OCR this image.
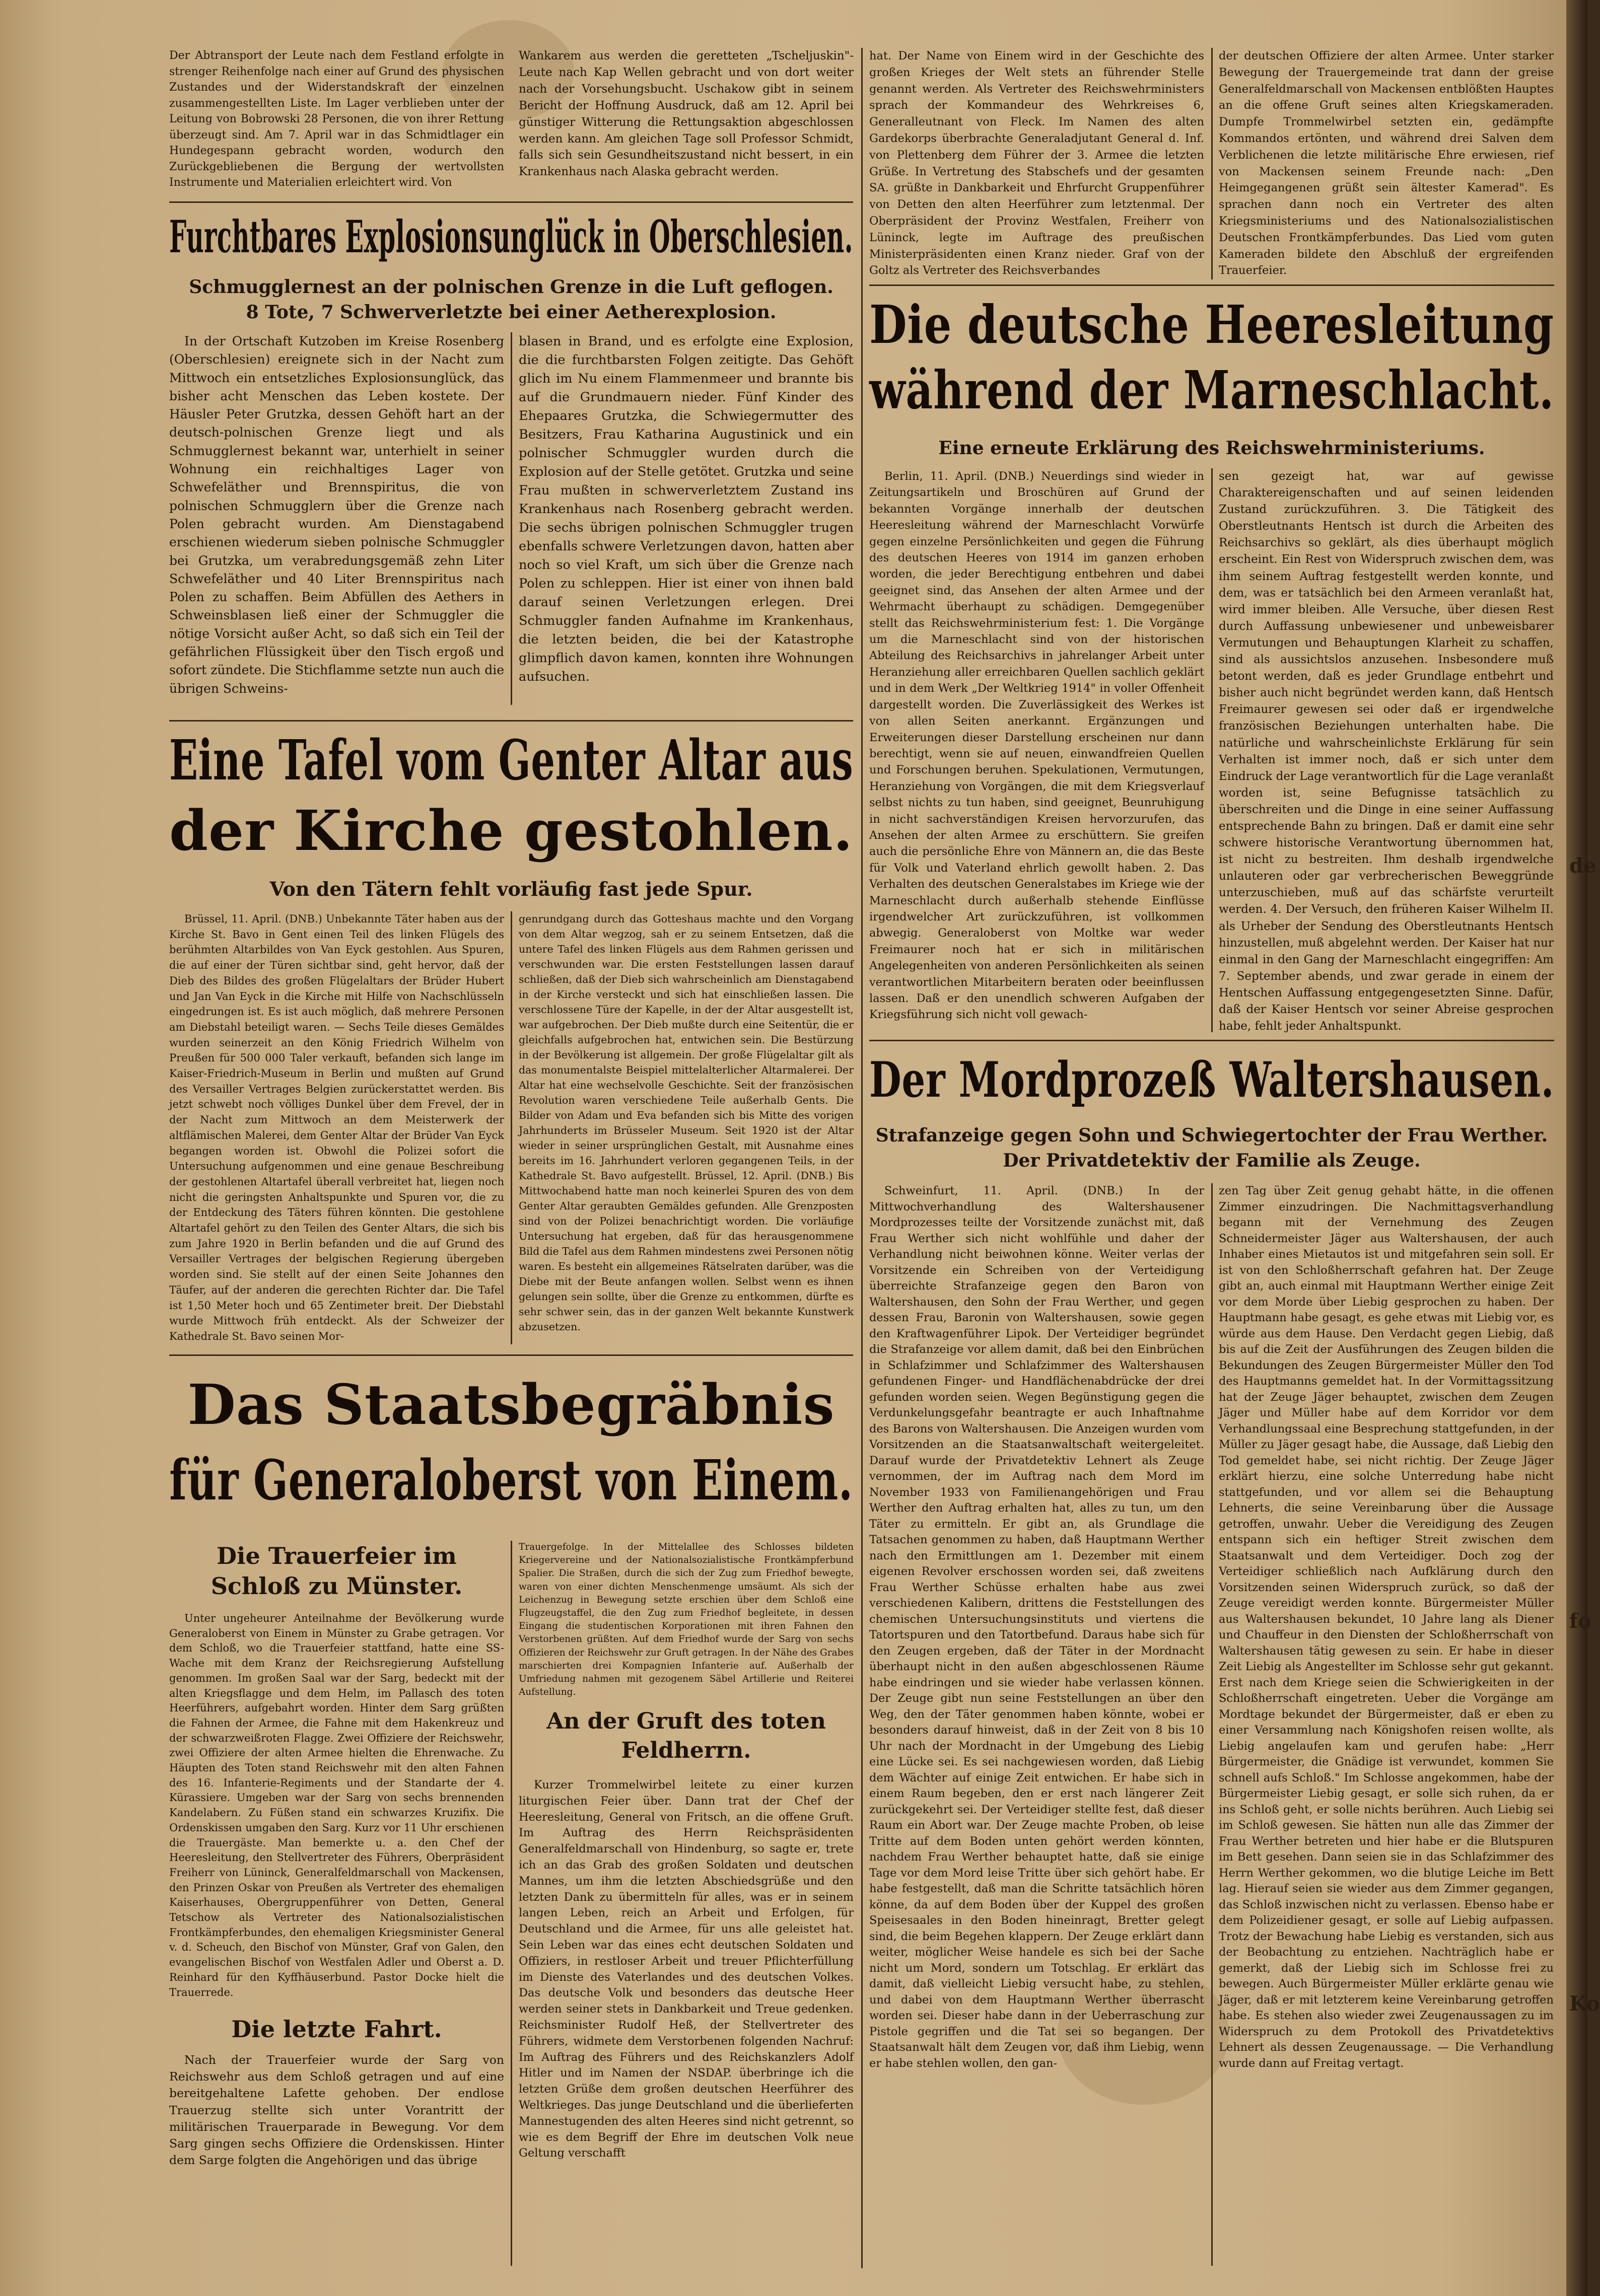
Der Abtransport der Leute nach dem Festland erfolgte in strenger Reihenfolge nach einer auf Grund des physischen Zustandes und der Widerstandskraft der einzelnen zusammengestellten Liste. Im Lager verblieben unter der Leitung von Bobrowski 28 Personen, die von ihrer Rettung überzeugt sind. Am 7. April war in das Schmidtlager ein Hundegespann gebracht worden, wodurch den Zurückgebliebenen die Bergung der wertvollsten Instrumente und Materialien erleichtert wird. Von

Wankarem aus werden die geretteten „Tscheljuskin"-Leute nach Kap Wellen gebracht und von dort weiter nach der Vorsehungsbucht. Uschakow gibt in seinem Bericht der Hoffnung Ausdruck, daß am 12. April bei günstiger Witterung die Rettungsaktion abgeschlossen werden kann. Am gleichen Tage soll Professor Schmidt, falls sich sein Gesundheitszustand nicht bessert, in ein Krankenhaus nach Alaska gebracht werden.

Furchtbares Explosionsunglück in Oberschlesien.
Schmugglernest an der polnischen Grenze in die Luft geflogen.
8 Tote, 7 Schwerverletzte bei einer Aetherexplosion.

In der Ortschaft Kutzoben im Kreise Rosenberg (Oberschlesien) ereignete sich in der Nacht zum Mittwoch ein entsetzliches Explosionsunglück, das bisher acht Menschen das Leben kostete. Der Häusler Peter Grutzka, dessen Gehöft hart an der deutsch-polnischen Grenze liegt und als Schmugglernest bekannt war, unterhielt in seiner Wohnung ein reichhaltiges Lager von Schwefeläther und Brennspiritus, die von polnischen Schmugglern über die Grenze nach Polen gebracht wurden. Am Dienstagabend erschienen wiederum sieben polnische Schmuggler bei Grutzka, um verabredungsgemäß zehn Liter Schwefeläther und 40 Liter Brennspiritus nach Polen zu schaffen. Beim Abfüllen des Aethers in Schweinsblasen ließ einer der Schmuggler die nötige Vorsicht außer Acht, so daß sich ein Teil der gefährlichen Flüssigkeit über den Tisch ergoß und sofort zündete. Die Stichflamme setzte nun auch die übrigen Schweins-

blasen in Brand, und es erfolgte eine Explosion, die die furchtbarsten Folgen zeitigte. Das Gehöft glich im Nu einem Flammenmeer und brannte bis auf die Grundmauern nieder. Fünf Kinder des Ehepaares Grutzka, die Schwiegermutter des Besitzers, Frau Katharina Augustinick und ein polnischer Schmuggler wurden durch die Explosion auf der Stelle getötet. Grutzka und seine Frau mußten in schwerverletztem Zustand ins Krankenhaus nach Rosenberg gebracht werden. Die sechs übrigen polnischen Schmuggler trugen ebenfalls schwere Verletzungen davon, hatten aber noch so viel Kraft, um sich über die Grenze nach Polen zu schleppen. Hier ist einer von ihnen bald darauf seinen Verletzungen erlegen. Drei Schmuggler fanden Aufnahme im Krankenhaus, die letzten beiden, die bei der Katastrophe glimpflich davon kamen, konnten ihre Wohnungen aufsuchen.

Eine Tafel vom Genter Altar aus
der Kirche gestohlen.
Von den Tätern fehlt vorläufig fast jede Spur.

Brüssel, 11. April. (DNB.) Unbekannte Täter haben aus der Kirche St. Bavo in Gent einen Teil des linken Flügels des berühmten Altarbildes von Van Eyck gestohlen. Aus Spuren, die auf einer der Türen sichtbar sind, geht hervor, daß der Dieb des Bildes des großen Flügelaltars der Brüder Hubert und Jan Van Eyck in die Kirche mit Hilfe von Nachschlüsseln eingedrungen ist. Es ist auch möglich, daß mehrere Personen am Diebstahl beteiligt waren. — Sechs Teile dieses Gemäldes wurden seinerzeit an den König Friedrich Wilhelm von Preußen für 500 000 Taler verkauft, befanden sich lange im Kaiser-Friedrich-Museum in Berlin und mußten auf Grund des Versailler Vertrages Belgien zurückerstattet werden. Bis jetzt schwebt noch völliges Dunkel über dem Frevel, der in der Nacht zum Mittwoch an dem Meisterwerk der altflämischen Malerei, dem Genter Altar der Brüder Van Eyck begangen worden ist. Obwohl die Polizei sofort die Untersuchung aufgenommen und eine genaue Beschreibung der gestohlenen Altartafel überall verbreitet hat, liegen noch nicht die geringsten Anhaltspunkte und Spuren vor, die zu der Entdeckung des Täters führen könnten. Die gestohlene Altartafel gehört zu den Teilen des Genter Altars, die sich bis zum Jahre 1920 in Berlin befanden und die auf Grund des Versailler Vertrages der belgischen Regierung übergeben worden sind. Sie stellt auf der einen Seite Johannes den Täufer, auf der anderen die gerechten Richter dar. Die Tafel ist 1,50 Meter hoch und 65 Zentimeter breit. Der Diebstahl wurde Mittwoch früh entdeckt. Als der Schweizer der Kathedrale St. Bavo seinen Mor-

genrundgang durch das Gotteshaus machte und den Vorgang von dem Altar wegzog, sah er zu seinem Entsetzen, daß die untere Tafel des linken Flügels aus dem Rahmen gerissen und verschwunden war. Die ersten Feststellungen lassen darauf schließen, daß der Dieb sich wahrscheinlich am Dienstagabend in der Kirche versteckt und sich hat einschließen lassen. Die verschlossene Türe der Kapelle, in der der Altar ausgestellt ist, war aufgebrochen. Der Dieb mußte durch eine Seitentür, die er gleichfalls aufgebrochen hat, entwichen sein. Die Bestürzung in der Bevölkerung ist allgemein. Der große Flügelaltar gilt als das monumentalste Beispiel mittelalterlicher Altarmalerei. Der Altar hat eine wechselvolle Geschichte. Seit der französischen Revolution waren verschiedene Teile außerhalb Gents. Die Bilder von Adam und Eva befanden sich bis Mitte des vorigen Jahrhunderts im Brüsseler Museum. Seit 1920 ist der Altar wieder in seiner ursprünglichen Gestalt, mit Ausnahme eines bereits im 16. Jahrhundert verloren gegangenen Teils, in der Kathedrale St. Bavo aufgestellt. Brüssel, 12. April. (DNB.) Bis Mittwochabend hatte man noch keinerlei Spuren des von dem Genter Altar geraubten Gemäldes gefunden. Alle Grenzposten sind von der Polizei benachrichtigt worden. Die vorläufige Untersuchung hat ergeben, daß für das herausgenommene Bild die Tafel aus dem Rahmen mindestens zwei Personen nötig waren. Es besteht ein allgemeines Rätselraten darüber, was die Diebe mit der Beute anfangen wollen. Selbst wenn es ihnen gelungen sein sollte, über die Grenze zu entkommen, dürfte es sehr schwer sein, das in der ganzen Welt bekannte Kunstwerk abzusetzen.

Das Staatsbegräbnis
für Generaloberst von Einem.
Die Trauerfeier im Schloß zu Münster.

Unter ungeheurer Anteilnahme der Bevölkerung wurde Generaloberst von Einem in Münster zu Grabe getragen. Vor dem Schloß, wo die Trauerfeier stattfand, hatte eine SS-Wache mit dem Kranz der Reichsregierung Aufstellung genommen. Im großen Saal war der Sarg, bedeckt mit der alten Kriegsflagge und dem Helm, im Pallasch des toten Heerführers, aufgebahrt worden. Hinter dem Sarg grüßten die Fahnen der Armee, die Fahne mit dem Hakenkreuz und der schwarzweißroten Flagge. Zwei Offiziere der Reichswehr, zwei Offiziere der alten Armee hielten die Ehrenwache. Zu Häupten des Toten stand Reichswehr mit den alten Fahnen des 16. Infanterie-Regiments und der Standarte der 4. Kürassiere. Umgeben war der Sarg von sechs brennenden Kandelabern. Zu Füßen stand ein schwarzes Kruzifix. Die Ordenskissen umgaben den Sarg. Kurz vor 11 Uhr erschienen die Trauergäste. Man bemerkte u. a. den Chef der Heeresleitung, den Stellvertreter des Führers, Oberpräsident Freiherr von Lüninck, Generalfeldmarschall von Mackensen, den Prinzen Oskar von Preußen als Vertreter des ehemaligen Kaiserhauses, Obergruppenführer von Detten, General Tetschow als Vertreter des Nationalsozialistischen Frontkämpferbundes, den ehemaligen Kriegsminister General v. d. Scheuch, den Bischof von Münster, Graf von Galen, den evangelischen Bischof von Westfalen Adler und Oberst a. D. Reinhard für den Kyffhäuserbund. Pastor Docke hielt die Trauerrede.

Die letzte Fahrt.

Nach der Trauerfeier wurde der Sarg von Reichswehr aus dem Schloß getragen und auf eine bereitgehaltene Lafette gehoben. Der endlose Trauerzug stellte sich unter Vorantritt der militärischen Trauerparade in Bewegung. Vor dem Sarg gingen sechs Offiziere die Ordenskissen. Hinter dem Sarge folgten die Angehörigen und das übrige

Trauergefolge. In der Mittelallee des Schlosses bildeten Kriegervereine und der Nationalsozialistische Frontkämpferbund Spalier. Die Straßen, durch die sich der Zug zum Friedhof bewegte, waren von einer dichten Menschenmenge umsäumt. Als sich der Leichenzug in Bewegung setzte erschien über dem Schloß eine Flugzeugstaffel, die den Zug zum Friedhof begleitete, in dessen Eingang die studentischen Korporationen mit ihren Fahnen den Verstorbenen grüßten. Auf dem Friedhof wurde der Sarg von sechs Offizieren der Reichswehr zur Gruft getragen. In der Nähe des Grabes marschierten drei Kompagnien Infanterie auf. Außerhalb der Umfriedung nahmen mit gezogenem Säbel Artillerie und Reiterei Aufstellung.

An der Gruft des toten Feldherrn.

Kurzer Trommelwirbel leitete zu einer kurzen liturgischen Feier über. Dann trat der Chef der Heeresleitung, General von Fritsch, an die offene Gruft. Im Auftrag des Herrn Reichspräsidenten Generalfeldmarschall von Hindenburg, so sagte er, trete ich an das Grab des großen Soldaten und deutschen Mannes, um ihm die letzten Abschiedsgrüße und den letzten Dank zu übermitteln für alles, was er in seinem langen Leben, reich an Arbeit und Erfolgen, für Deutschland und die Armee, für uns alle geleistet hat. Sein Leben war das eines echt deutschen Soldaten und Offiziers, in restloser Arbeit und treuer Pflichterfüllung im Dienste des Vaterlandes und des deutschen Volkes. Das deutsche Volk und besonders das deutsche Heer werden seiner stets in Dankbarkeit und Treue gedenken. Reichsminister Rudolf Heß, der Stellvertreter des Führers, widmete dem Verstorbenen folgenden Nachruf: Im Auftrag des Führers und des Reichskanzlers Adolf Hitler und im Namen der NSDAP. überbringe ich die letzten Grüße dem großen deutschen Heerführer des Weltkrieges. Das junge Deutschland und die überlieferten Mannestugenden des alten Heeres sind nicht getrennt, so wie es dem Begriff der Ehre im deutschen Volk neue Geltung verschafft

hat. Der Name von Einem wird in der Geschichte des großen Krieges der Welt stets an führender Stelle genannt werden. Als Vertreter des Reichswehrministers sprach der Kommandeur des Wehrkreises 6, Generalleutnant von Fleck. Im Namen des alten Gardekorps überbrachte Generaladjutant General d. Inf. von Plettenberg dem Führer der 3. Armee die letzten Grüße. In Vertretung des Stabschefs und der gesamten SA. grüßte in Dankbarkeit und Ehrfurcht Gruppenführer von Detten den alten Heerführer zum letztenmal. Der Oberpräsident der Provinz Westfalen, Freiherr von Lüninck, legte im Auftrage des preußischen Ministerpräsidenten einen Kranz nieder. Graf von der Goltz als Vertreter des Reichsverbandes

der deutschen Offiziere der alten Armee. Unter starker Bewegung der Trauergemeinde trat dann der greise Generalfeldmarschall von Mackensen entblößten Hauptes an die offene Gruft seines alten Kriegskameraden. Dumpfe Trommelwirbel setzten ein, gedämpfte Kommandos ertönten, und während drei Salven dem Verblichenen die letzte militärische Ehre erwiesen, rief von Mackensen seinem Freunde nach: „Den Heimgegangenen grüßt sein ältester Kamerad". Es sprachen dann noch ein Vertreter des alten Kriegsministeriums und des Nationalsozialistischen Deutschen Frontkämpferbundes. Das Lied vom guten Kameraden bildete den Abschluß der ergreifenden Trauerfeier.

Die deutsche Heeresleitung
während der Marneschlacht.
Eine erneute Erklärung des Reichswehrministeriums.

Berlin, 11. April. (DNB.) Neuerdings sind wieder in Zeitungsartikeln und Broschüren auf Grund der bekannten Vorgänge innerhalb der deutschen Heeresleitung während der Marneschlacht Vorwürfe gegen einzelne Persönlichkeiten und gegen die Führung des deutschen Heeres von 1914 im ganzen erhoben worden, die jeder Berechtigung entbehren und dabei geeignet sind, das Ansehen der alten Armee und der Wehrmacht überhaupt zu schädigen. Demgegenüber stellt das Reichswehrministerium fest: 1. Die Vorgänge um die Marneschlacht sind von der historischen Abteilung des Reichsarchivs in jahrelanger Arbeit unter Heranziehung aller erreichbaren Quellen sachlich geklärt und in dem Werk „Der Weltkrieg 1914" in voller Offenheit dargestellt worden. Die Zuverlässigkeit des Werkes ist von allen Seiten anerkannt. Ergänzungen und Erweiterungen dieser Darstellung erscheinen nur dann berechtigt, wenn sie auf neuen, einwandfreien Quellen und Forschungen beruhen. Spekulationen, Vermutungen, Heranziehung von Vorgängen, die mit dem Kriegsverlauf selbst nichts zu tun haben, sind geeignet, Beunruhigung in nicht sachverständigen Kreisen hervorzurufen, das Ansehen der alten Armee zu erschüttern. Sie greifen auch die persönliche Ehre von Männern an, die das Beste für Volk und Vaterland ehrlich gewollt haben. 2. Das Verhalten des deutschen Generalstabes im Kriege wie der Marneschlacht durch außerhalb stehende Einflüsse irgendwelcher Art zurückzuführen, ist vollkommen abwegig. Generaloberst von Moltke war weder Freimaurer noch hat er sich in militärischen Angelegenheiten von anderen Persönlichkeiten als seinen verantwortlichen Mitarbeitern beraten oder beeinflussen lassen. Daß er den unendlich schweren Aufgaben der Kriegsführung sich nicht voll gewach-

sen gezeigt hat, war auf gewisse Charaktereigenschaften und auf seinen leidenden Zustand zurückzuführen. 3. Die Tätigkeit des Oberstleutnants Hentsch ist durch die Arbeiten des Reichsarchivs so geklärt, als dies überhaupt möglich erscheint. Ein Rest von Widerspruch zwischen dem, was ihm seinem Auftrag festgestellt werden konnte, und dem, was er tatsächlich bei den Armeen veranlaßt hat, wird immer bleiben. Alle Versuche, über diesen Rest durch Auffassung unbewiesener und unbeweisbarer Vermutungen und Behauptungen Klarheit zu schaffen, sind als aussichtslos anzusehen. Insbesondere muß betont werden, daß es jeder Grundlage entbehrt und bisher auch nicht begründet werden kann, daß Hentsch Freimaurer gewesen sei oder daß er irgendwelche französischen Beziehungen unterhalten habe. Die natürliche und wahrscheinlichste Erklärung für sein Verhalten ist immer noch, daß er sich unter dem Eindruck der Lage verantwortlich für die Lage veranlaßt worden ist, seine Befugnisse tatsächlich zu überschreiten und die Dinge in eine seiner Auffassung entsprechende Bahn zu bringen. Daß er damit eine sehr schwere historische Verantwortung übernommen hat, ist nicht zu bestreiten. Ihm deshalb irgendwelche unlauteren oder gar verbrecherischen Beweggründe unterzuschieben, muß auf das schärfste verurteilt werden. 4. Der Versuch, den früheren Kaiser Wilhelm II. als Urheber der Sendung des Oberstleutnants Hentsch hinzustellen, muß abgelehnt werden. Der Kaiser hat nur einmal in den Gang der Marneschlacht eingegriffen: Am 7. September abends, und zwar gerade in einem der Hentschen Auffassung entgegengesetzten Sinne. Dafür, daß der Kaiser Hentsch vor seiner Abreise gesprochen habe, fehlt jeder Anhaltspunkt.

Der Mordprozeß Waltershausen.
Strafanzeige gegen Sohn und Schwiegertochter der Frau Werther.
Der Privatdetektiv der Familie als Zeuge.

Schweinfurt, 11. April. (DNB.) In der Mittwochverhandlung des Waltershausener Mordprozesses teilte der Vorsitzende zunächst mit, daß Frau Werther sich nicht wohlfühle und daher der Verhandlung nicht beiwohnen könne. Weiter verlas der Vorsitzende ein Schreiben von der Verteidigung überreichte Strafanzeige gegen den Baron von Waltershausen, den Sohn der Frau Werther, und gegen dessen Frau, Baronin von Waltershausen, sowie gegen den Kraftwagenführer Lipok. Der Verteidiger begründet die Strafanzeige vor allem damit, daß bei den Einbrüchen in Schlafzimmer und Schlafzimmer des Waltershausen gefundenen Finger- und Handflächenabdrücke der drei gefunden worden seien. Wegen Begünstigung gegen die Verdunkelungsgefahr beantragte er auch Inhaftnahme des Barons von Waltershausen. Die Anzeigen wurden vom Vorsitzenden an die Staatsanwaltschaft weitergeleitet. Darauf wurde der Privatdetektiv Lehnert als Zeuge vernommen, der im Auftrag nach dem Mord im November 1933 von Familienangehörigen und Frau Werther den Auftrag erhalten hat, alles zu tun, um den Täter zu ermitteln. Er gibt an, als Grundlage die Tatsachen genommen zu haben, daß Hauptmann Werther nach den Ermittlungen am 1. Dezember mit einem eigenen Revolver erschossen worden sei, daß zweitens Frau Werther Schüsse erhalten habe aus zwei verschiedenen Kalibern, drittens die Feststellungen des chemischen Untersuchungsinstituts und viertens die Tatortspuren und den Tatortbefund. Daraus habe sich für den Zeugen ergeben, daß der Täter in der Mordnacht überhaupt nicht in den außen abgeschlossenen Räume habe eindringen und sie wieder habe verlassen können. Der Zeuge gibt nun seine Feststellungen an über den Weg, den der Täter genommen haben könnte, wobei er besonders darauf hinweist, daß in der Zeit von 8 bis 10 Uhr nach der Mordnacht in der Umgebung des Liebig eine Lücke sei. Es sei nachgewiesen worden, daß Liebig dem Wächter auf einige Zeit entwichen. Er habe sich in einem Raum begeben, den er erst nach längerer Zeit zurückgekehrt sei. Der Verteidiger stellte fest, daß dieser Raum ein Abort war. Der Zeuge machte Proben, ob leise Tritte auf dem Boden unten gehört werden könnten, nachdem Frau Werther behauptet hatte, daß sie einige Tage vor dem Mord leise Tritte über sich gehört habe. Er habe festgestellt, daß man die Schritte tatsächlich hören könne, da auf dem Boden über der Kuppel des großen Speisesaales in den Boden hineinragt, Bretter gelegt sind, die beim Begehen klappern. Der Zeuge erklärt dann weiter, möglicher Weise handele es sich bei der Sache nicht um Mord, sondern um Totschlag. Er erklärt das damit, daß vielleicht Liebig versucht habe, zu stehlen, und dabei von dem Hauptmann Werther überrascht worden sei. Dieser habe dann in der Ueberraschung zur Pistole gegriffen und die Tat sei so begangen. Der Staatsanwalt hält dem Zeugen vor, daß ihm Liebig, wenn er habe stehlen wollen, den gan-

zen Tag über Zeit genug gehabt hätte, in die offenen Zimmer einzudringen. Die Nachmittagsverhandlung begann mit der Vernehmung des Zeugen Schneidermeister Jäger aus Waltershausen, der auch Inhaber eines Mietautos ist und mitgefahren sein soll. Er ist von den Schloßherrschaft gefahren hat. Der Zeuge gibt an, auch einmal mit Hauptmann Werther einige Zeit vor dem Morde über Liebig gesprochen zu haben. Der Hauptmann habe gesagt, es gehe etwas mit Liebig vor, es würde aus dem Hause. Den Verdacht gegen Liebig, daß bis auf die Zeit der Ausführungen des Zeugen bilden die Bekundungen des Zeugen Bürgermeister Müller den Tod des Hauptmanns gemeldet hat. In der Vormittagssitzung hat der Zeuge Jäger behauptet, zwischen dem Zeugen Jäger und Müller habe auf dem Korridor vor dem Verhandlungssaal eine Besprechung stattgefunden, in der Müller zu Jäger gesagt habe, die Aussage, daß Liebig den Tod gemeldet habe, sei nicht richtig. Der Zeuge Jäger erklärt hierzu, eine solche Unterredung habe nicht stattgefunden, und vor allem sei die Behauptung Lehnerts, die seine Vereinbarung über die Aussage getroffen, unwahr. Ueber die Vereidigung des Zeugen entspann sich ein heftiger Streit zwischen dem Staatsanwalt und dem Verteidiger. Doch zog der Verteidiger schließlich nach Aufklärung durch den Vorsitzenden seinen Widerspruch zurück, so daß der Zeuge vereidigt werden konnte. Bürgermeister Müller aus Waltershausen bekundet, 10 Jahre lang als Diener und Chauffeur in den Diensten der Schloßherrschaft von Waltershausen tätig gewesen zu sein. Er habe in dieser Zeit Liebig als Angestellter im Schlosse sehr gut gekannt. Erst nach dem Kriege seien die Schwierigkeiten in der Schloßherrschaft eingetreten. Ueber die Vorgänge am Mordtage bekundet der Bürgermeister, daß er eben zu einer Versammlung nach Königshofen reisen wollte, als Liebig angelaufen kam und gerufen habe: „Herr Bürgermeister, die Gnädige ist verwundet, kommen Sie schnell aufs Schloß." Im Schlosse angekommen, habe der Bürgermeister Liebig gesagt, er solle sich ruhen, da er ins Schloß geht, er solle nichts berühren. Auch Liebig sei im Schloß gewesen. Sie hätten nun alle das Zimmer der Frau Werther betreten und hier habe er die Blutspuren im Bett gesehen. Dann seien sie in das Schlafzimmer des Herrn Werther gekommen, wo die blutige Leiche im Bett lag. Hierauf seien sie wieder aus dem Zimmer gegangen, das Schloß inzwischen nicht zu verlassen. Ebenso habe er dem Polizeidiener gesagt, er solle auf Liebig aufpassen. Trotz der Bewachung habe Liebig es verstanden, sich aus der Beobachtung zu entziehen. Nachträglich habe er gemerkt, daß der Liebig sich im Schlosse frei zu bewegen. Auch Bürgermeister Müller erklärte genau wie Jäger, daß er mit letzterem keine Vereinbarung getroffen habe. Es stehen also wieder zwei Zeugenaussagen zu im Widerspruch zu dem Protokoll des Privatdetektivs Lehnert als dessen Zeugenaussage. — Die Verhandlung wurde dann auf Freitag vertagt.

de
fo
Ko
